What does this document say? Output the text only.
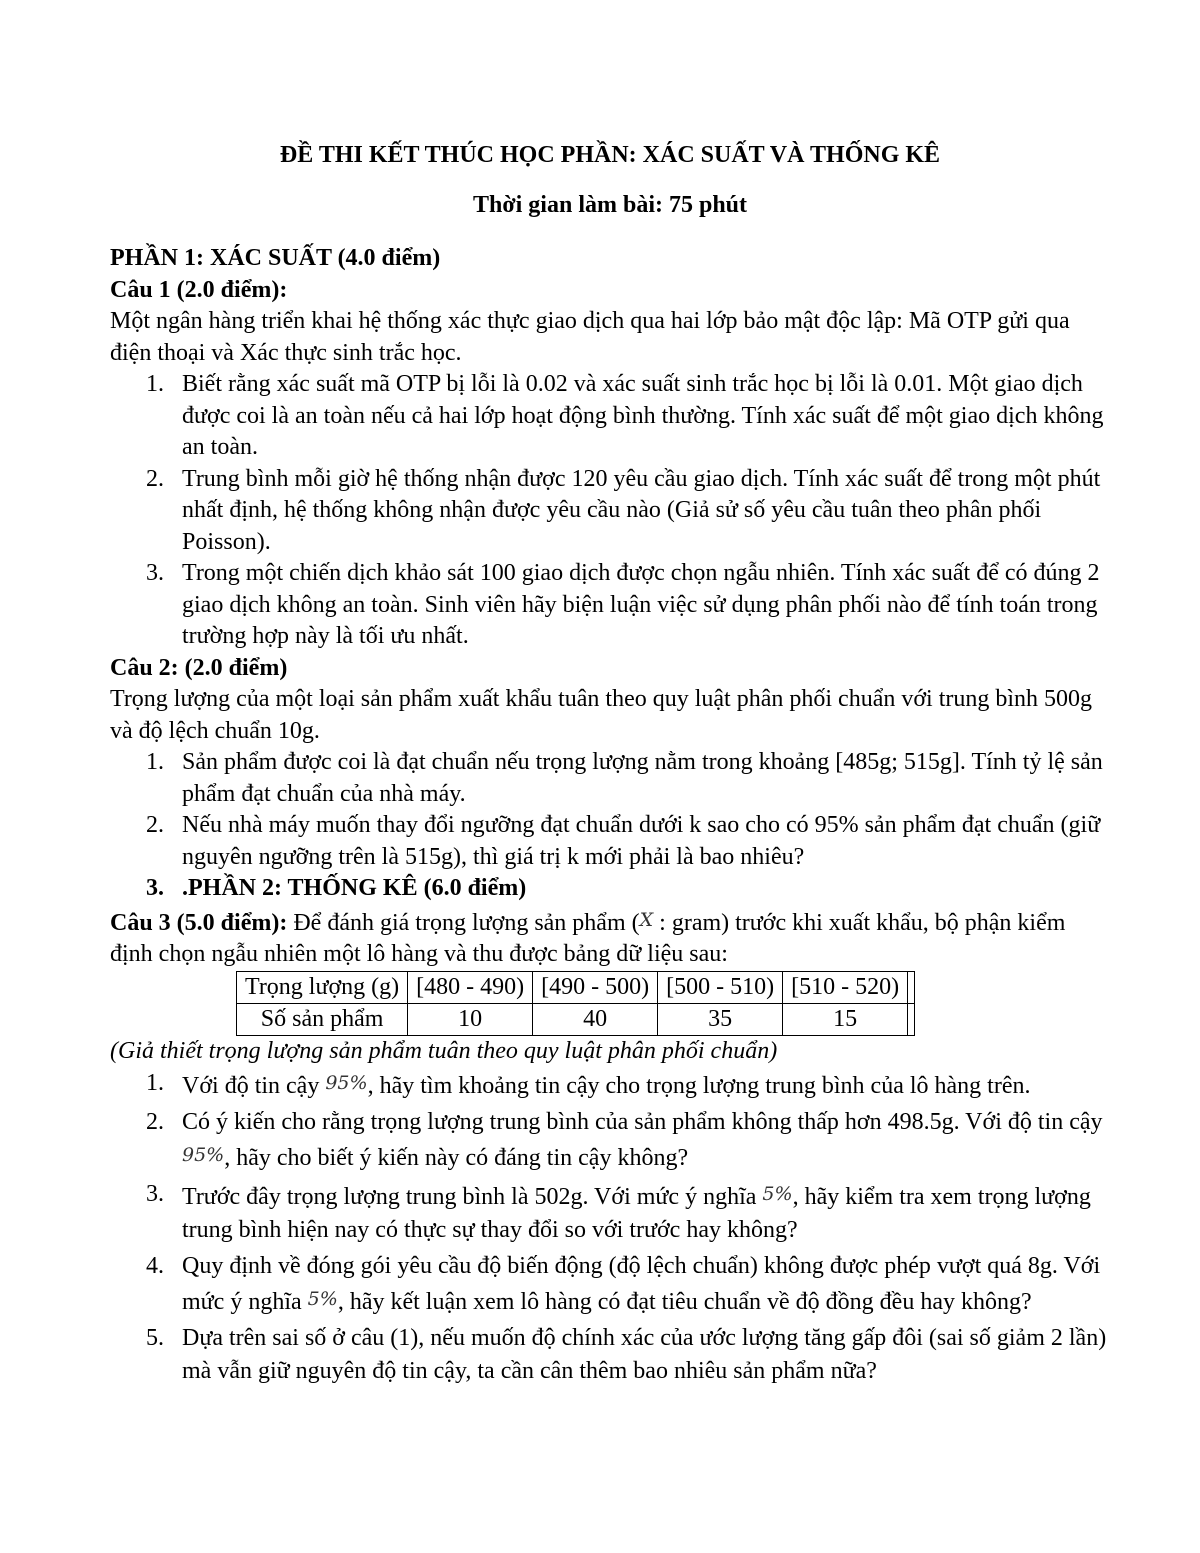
ĐỀ THI KẾT THÚC HỌC PHẦN: XÁC SUẤT VÀ THỐNG KÊ

Thời gian làm bài: 75 phút

PHẦN 1: XÁC SUẤT (4.0 điểm)

Câu 1 (2.0 điểm):

Một ngân hàng triển khai hệ thống xác thực giao dịch qua hai lớp bảo mật độc lập: Mã OTP gửi qua điện thoại và Xác thực sinh trắc học.

1. Biết rằng xác suất mã OTP bị lỗi là 0.02 và xác suất sinh trắc học bị lỗi là 0.01. Một giao dịch được coi là an toàn nếu cả hai lớp hoạt động bình thường. Tính xác suất để một giao dịch không an toàn.
2. Trung bình mỗi giờ hệ thống nhận được 120 yêu cầu giao dịch. Tính xác suất để trong một phút nhất định, hệ thống không nhận được yêu cầu nào (Giả sử số yêu cầu tuân theo phân phối Poisson).
3. Trong một chiến dịch khảo sát 100 giao dịch được chọn ngẫu nhiên. Tính xác suất để có đúng 2 giao dịch không an toàn. Sinh viên hãy biện luận việc sử dụng phân phối nào để tính toán trong trường hợp này là tối ưu nhất.

Câu 2: (2.0 điểm)

Trọng lượng của một loại sản phẩm xuất khẩu tuân theo quy luật phân phối chuẩn với trung bình 500g và độ lệch chuẩn 10g.

1. Sản phẩm được coi là đạt chuẩn nếu trọng lượng nằm trong khoảng [485g; 515g]. Tính tỷ lệ sản phẩm đạt chuẩn của nhà máy.
2. Nếu nhà máy muốn thay đổi ngưỡng đạt chuẩn dưới k sao cho có 95% sản phẩm đạt chuẩn (giữ nguyên ngưỡng trên là 515g), thì giá trị k mới phải là bao nhiêu?
3. .PHẦN 2: THỐNG KÊ (6.0 điểm)

Câu 3 (5.0 điểm): Để đánh giá trọng lượng sản phẩm (X : gram) trước khi xuất khẩu, bộ phận kiểm định chọn ngẫu nhiên một lô hàng và thu được bảng dữ liệu sau:

Trọng lượng (g)	[480 - 490)	[490 - 500)	[500 - 510)	[510 - 520)	
Số sản phẩm	10	40	35	15	

(Giả thiết trọng lượng sản phẩm tuân theo quy luật phân phối chuẩn)

1. Với độ tin cậy 95%, hãy tìm khoảng tin cậy cho trọng lượng trung bình của lô hàng trên.
2. Có ý kiến cho rằng trọng lượng trung bình của sản phẩm không thấp hơn 498.5g. Với độ tin cậy 95%, hãy cho biết ý kiến này có đáng tin cậy không?
3. Trước đây trọng lượng trung bình là 502g. Với mức ý nghĩa 5%, hãy kiểm tra xem trọng lượng trung bình hiện nay có thực sự thay đổi so với trước hay không?
4. Quy định về đóng gói yêu cầu độ biến động (độ lệch chuẩn) không được phép vượt quá 8g. Với mức ý nghĩa 5%, hãy kết luận xem lô hàng có đạt tiêu chuẩn về độ đồng đều hay không?
5. Dựa trên sai số ở câu (1), nếu muốn độ chính xác của ước lượng tăng gấp đôi (sai số giảm 2 lần) mà vẫn giữ nguyên độ tin cậy, ta cần cân thêm bao nhiêu sản phẩm nữa?
